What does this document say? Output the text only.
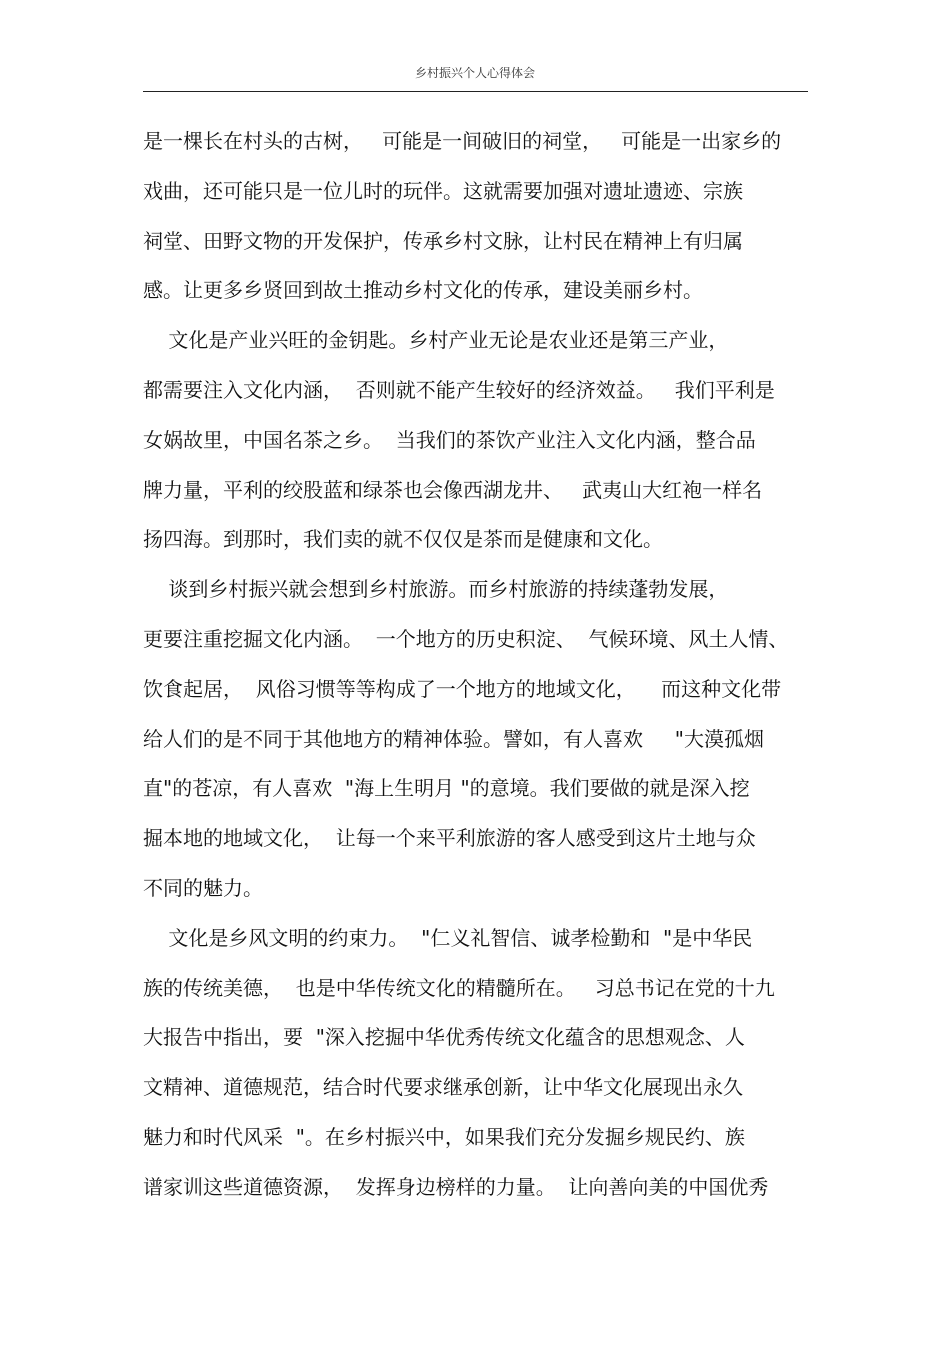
乡村振兴个人心得体会
是一棵长在村头的古树，   可能是一间破旧的祠堂，   可能是一出家乡的
戏曲，还可能只是一位儿时的玩伴。这就需要加强对遗址遗迹、宗族
祠堂、田野文物的开发保护，传承乡村文脉，让村民在精神上有归属
感。让更多乡贤回到故土推动乡村文化的传承，建设美丽乡村。
文化是产业兴旺的金钥匙。乡村产业无论是农业还是第三产业，
都需要注入文化内涵，  否则就不能产生较好的经济效益。   我们平利是
女娲故里，中国名茶之乡。  当我们的茶饮产业注入文化内涵，整合品
牌力量，平利的绞股蓝和绿茶也会像西湖龙井、   武夷山大红袍一样名
扬四海。到那时，我们卖的就不仅仅是茶而是健康和文化。
谈到乡村振兴就会想到乡村旅游。而乡村旅游的持续蓬勃发展，
更要注重挖掘文化内涵。  一个地方的历史积淀、  气候环境、风土人情、
饮食起居，  风俗习惯等等构成了一个地方的地域文化，    而这种文化带
给人们的是不同于其他地方的精神体验。譬如，有人喜欢     "大漠孤烟
直"的苍凉，有人喜欢  "海上生明月 "的意境。我们要做的就是深入挖
掘本地的地域文化，  让每一个来平利旅游的客人感受到这片土地与众
不同的魅力。
文化是乡风文明的约束力。  "仁义礼智信、诚孝检勤和  "是中华民
族的传统美德，  也是中华传统文化的精髓所在。   习总书记在党的十九
大报告中指出，要  "深入挖掘中华优秀传统文化蕴含的思想观念、人
文精神、道德规范，结合时代要求继承创新，让中华文化展现出永久
魅力和时代风采  "。在乡村振兴中，如果我们充分发掘乡规民约、族
谱家训这些道德资源，  发挥身边榜样的力量。  让向善向美的中国优秀
